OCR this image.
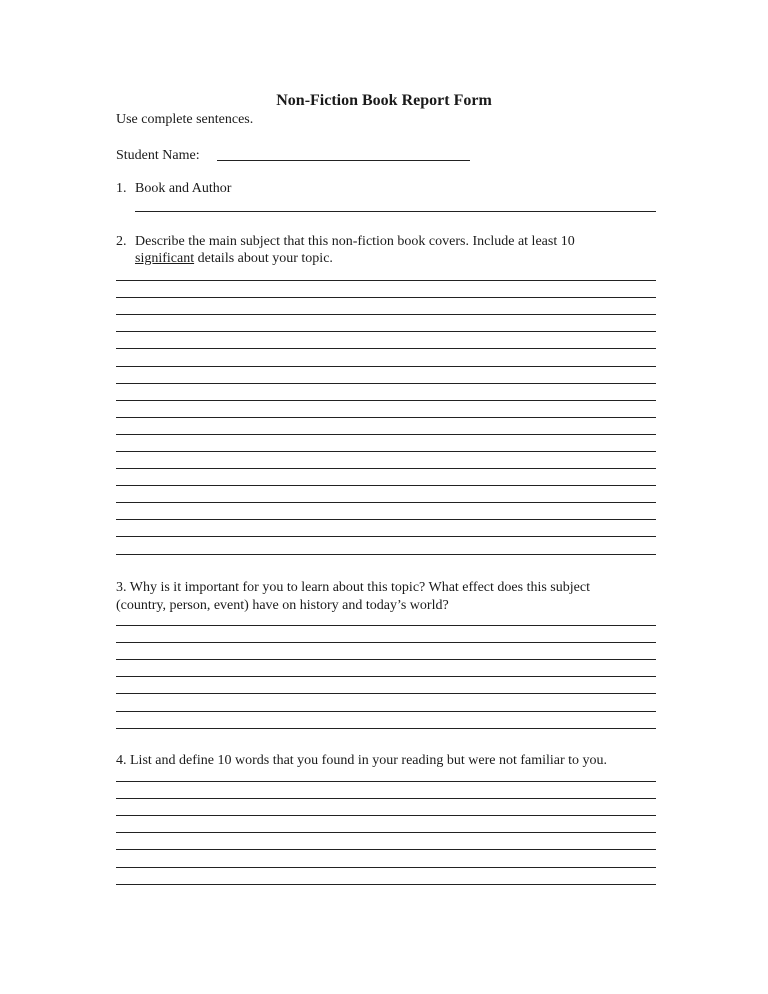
Non-Fiction Book Report Form
Use complete sentences.
Student Name:
1. Book and Author
2. Describe the main subject that this non-fiction book covers. Include at least 10
significant details about your topic.
3. Why is it important for you to learn about this topic? What effect does this subject
(country, person, event) have on history and today’s world?
4. List and define 10 words that you found in your reading but were not familiar to you.
